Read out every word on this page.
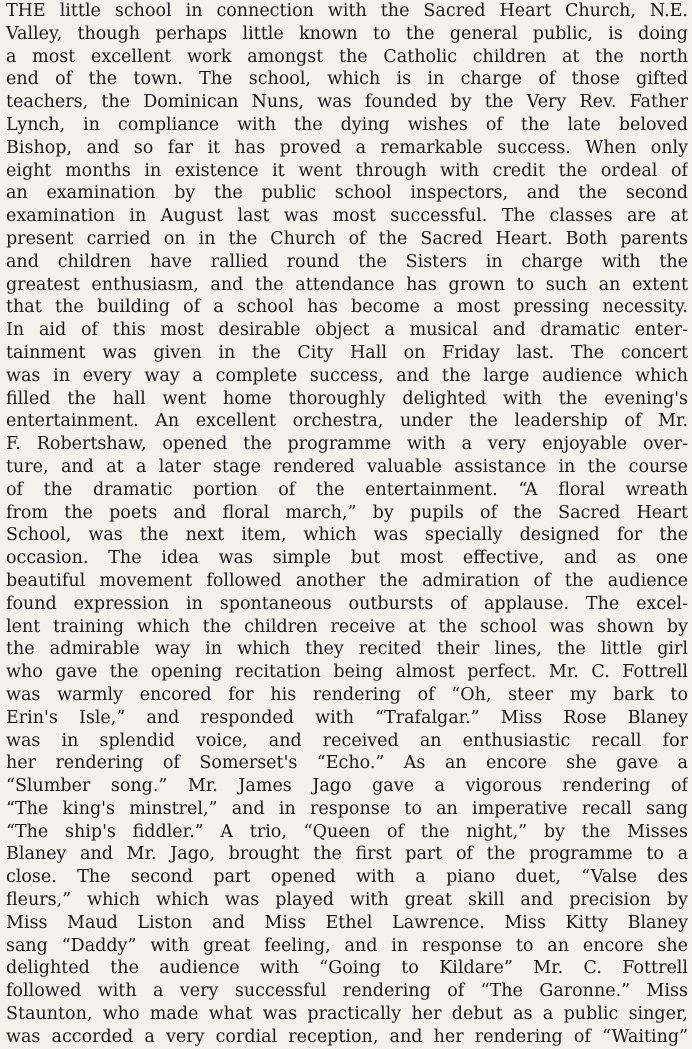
THE little school in connection with the Sacred Heart Church, N.E.
Valley, though perhaps little known to the general public, is doing
a most excellent work amongst the Catholic children at the north
end of the town. The school, which is in charge of those gifted
teachers, the Dominican Nuns, was founded by the Very Rev. Father
Lynch, in compliance with the dying wishes of the late beloved
Bishop, and so far it has proved a remarkable success. When only
eight months in existence it went through with credit the ordeal of
an examination by the public school inspectors, and the second
examination in August last was most successful. The classes are at
present carried on in the Church of the Sacred Heart. Both parents
and children have rallied round the Sisters in charge with the
greatest enthusiasm, and the attendance has grown to such an extent
that the building of a school has become a most pressing necessity.
In aid of this most desirable object a musical and dramatic enter-
tainment was given in the City Hall on Friday last. The concert
was in every way a complete success, and the large audience which
filled the hall went home thoroughly delighted with the evening's
entertainment. An excellent orchestra, under the leadership of Mr.
F. Robertshaw, opened the programme with a very enjoyable over-
ture, and at a later stage rendered valuable assistance in the course
of the dramatic portion of the entertainment. “A floral wreath
from the poets and floral march,” by pupils of the Sacred Heart
School, was the next item, which was specially designed for the
occasion. The idea was simple but most effective, and as one
beautiful movement followed another the admiration of the audience
found expression in spontaneous outbursts of applause. The excel-
lent training which the children receive at the school was shown by
the admirable way in which they recited their lines, the little girl
who gave the opening recitation being almost perfect. Mr. C. Fottrell
was warmly encored for his rendering of “Oh, steer my bark to
Erin's Isle,” and responded with “Trafalgar.” Miss Rose Blaney
was in splendid voice, and received an enthusiastic recall for
her rendering of Somerset's “Echo.” As an encore she gave a
“Slumber song.” Mr. James Jago gave a vigorous rendering of
“The king's minstrel,” and in response to an imperative recall sang
“The ship's fiddler.” A trio, “Queen of the night,” by the Misses
Blaney and Mr. Jago, brought the first part of the programme to a
close. The second part opened with a piano duet, “Valse des
fleurs,” which which was played with great skill and precision by
Miss Maud Liston and Miss Ethel Lawrence. Miss Kitty Blaney
sang “Daddy” with great feeling, and in response to an encore she
delighted the audience with “Going to Kildare” Mr. C. Fottrell
followed with a very successful rendering of “The Garonne.” Miss
Staunton, who made what was practically her debut as a public singer,
was accorded a very cordial reception, and her rendering of “Waiting”
